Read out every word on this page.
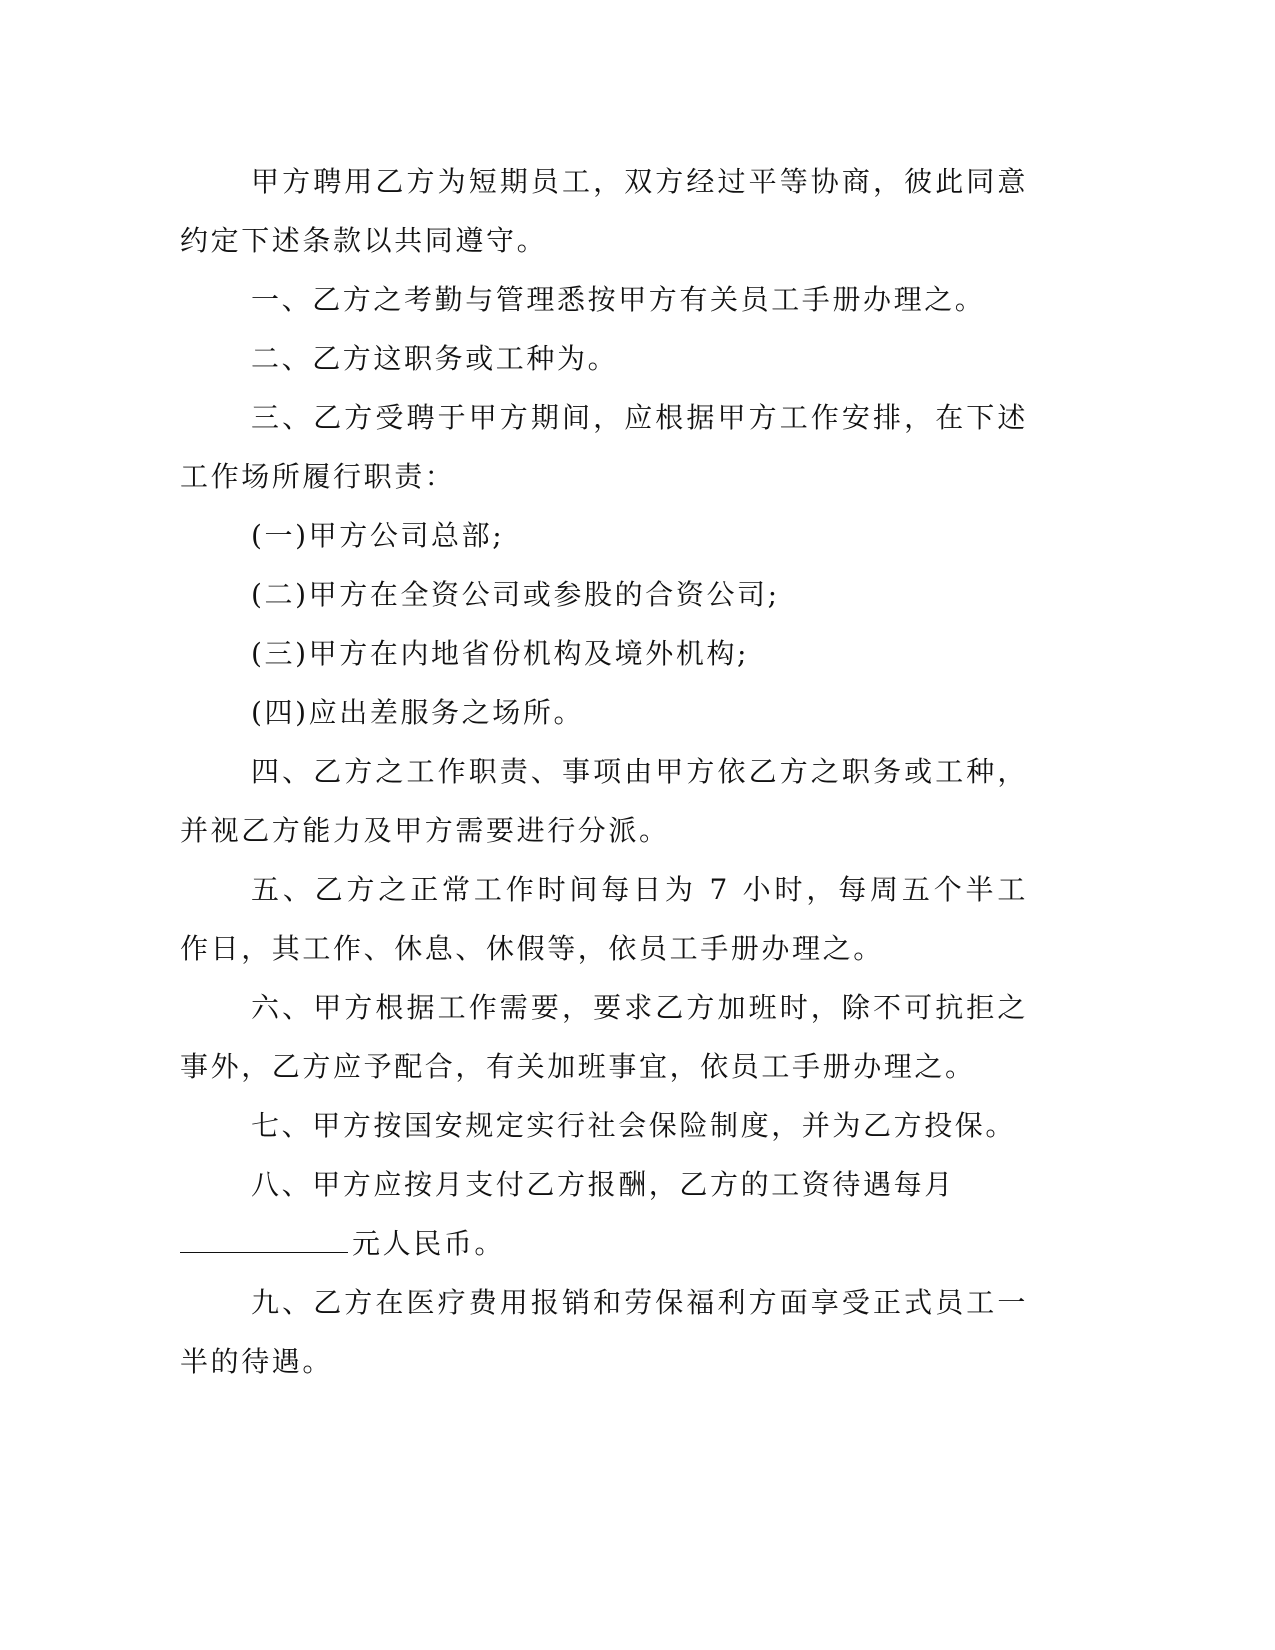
甲方聘用乙方为短期员工，双方经过平等协商，彼此同意约定下述条款以共同遵守。

一、乙方之考勤与管理悉按甲方有关员工手册办理之。

二、乙方这职务或工种为。

三、乙方受聘于甲方期间，应根据甲方工作安排，在下述工作场所履行职责：

(一)甲方公司总部;

(二)甲方在全资公司或参股的合资公司;

(三)甲方在内地省份机构及境外机构;

(四)应出差服务之场所。

四、乙方之工作职责、事项由甲方依乙方之职务或工种，并视乙方能力及甲方需要进行分派。

五、乙方之正常工作时间每日为 7 小时，每周五个半工作日，其工作、休息、休假等，依员工手册办理之。

六、甲方根据工作需要，要求乙方加班时，除不可抗拒之事外，乙方应予配合，有关加班事宜，依员工手册办理之。

七、甲方按国安规定实行社会保险制度，并为乙方投保。

八、甲方应按月支付乙方报酬，乙方的工资待遇每月

元人民币。

九、乙方在医疗费用报销和劳保福利方面享受正式员工一半的待遇。
